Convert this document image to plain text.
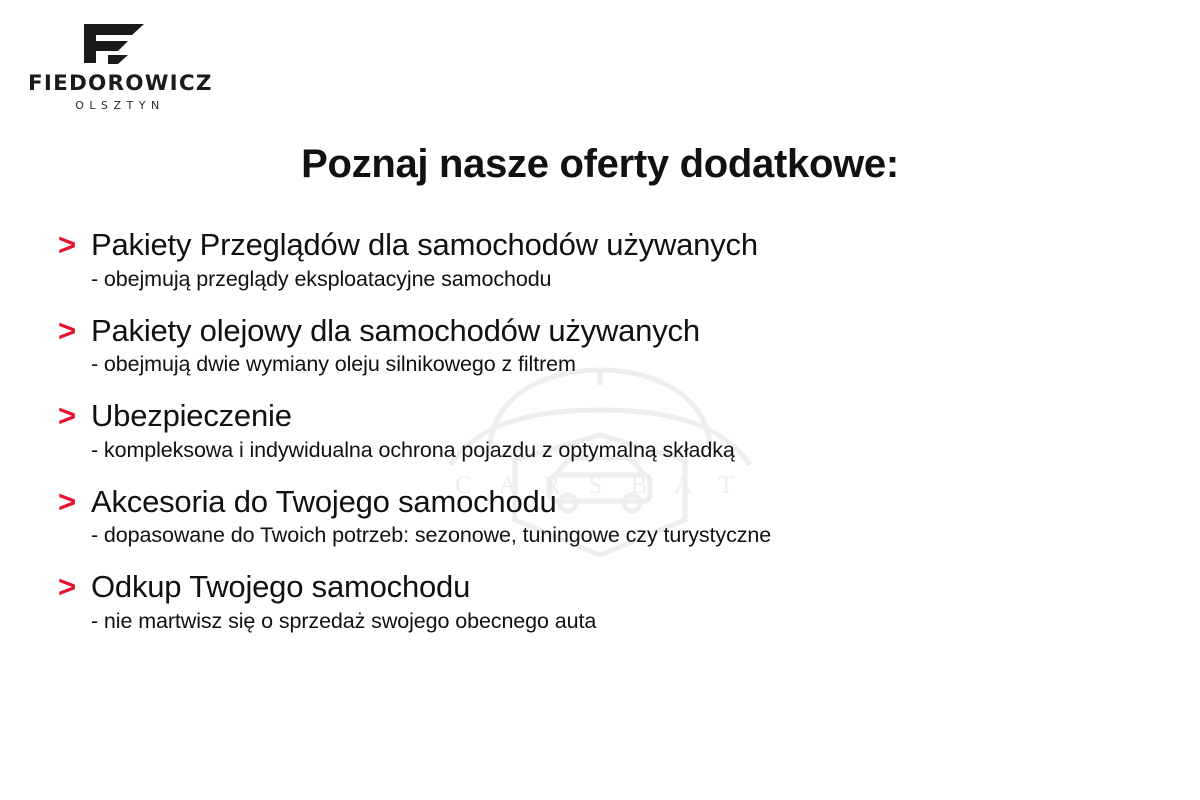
C A R S B A T
FIEDOROWICZ
OLSZTYN
Poznaj nasze oferty dodatkowe:
> Pakiety Przeglądów dla samochodów używanych
- obejmują przeglądy eksploatacyjne samochodu
> Pakiety olejowy dla samochodów używanych
- obejmują dwie wymiany oleju silnikowego z filtrem
> Ubezpieczenie
- kompleksowa i indywidualna ochrona pojazdu z optymalną składką
> Akcesoria do Twojego samochodu
- dopasowane do Twoich potrzeb: sezonowe, tuningowe czy turystyczne
> Odkup Twojego samochodu
- nie martwisz się o sprzedaż swojego obecnego auta
